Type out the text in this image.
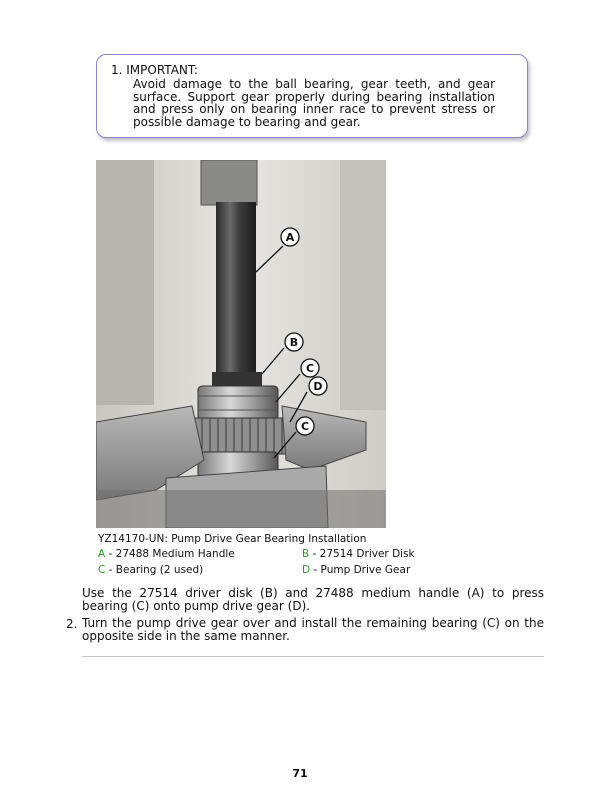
1. IMPORTANT:
Avoid damage to the ball bearing, gear teeth, and gear surface. Support gear properly during bearing installation and press only on bearing inner race to prevent stress or possible damage to bearing and gear.
A
B
C
D
C
YZ14170-UN: Pump Drive Gear Bearing Installation
A - 27488 Medium Handle	B - 27514 Driver Disk
C - Bearing (2 used)	D - Pump Drive Gear
Use the 27514 driver disk (B) and 27488 medium handle (A) to press bearing (C) onto pump drive gear (D).
2. Turn the pump drive gear over and install the remaining bearing (C) on the opposite side in the same manner.
71
